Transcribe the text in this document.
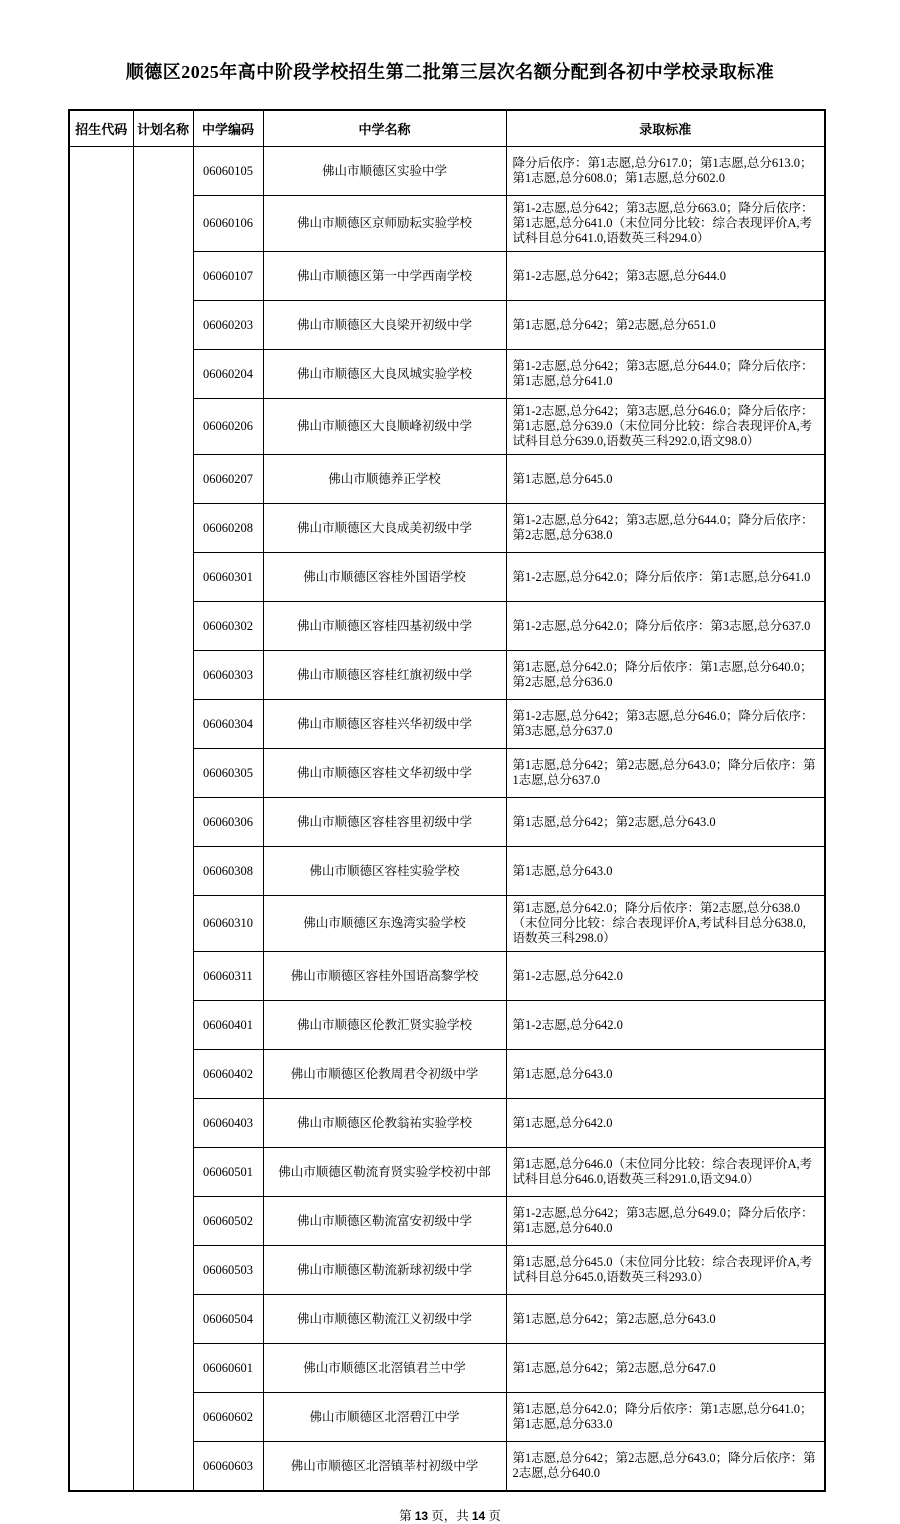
顺德区2025年高中阶段学校招生第二批第三层次名额分配到各初中学校录取标准
招生代码	计划名称	中学编码	中学名称	录取标准
		06060105	佛山市顺德区实验中学	降分后依序：第1志愿,总分617.0；第1志愿,总分613.0；第1志愿,总分608.0；第1志愿,总分602.0
		06060106	佛山市顺德区京师励耘实验学校	第1-2志愿,总分642；第3志愿,总分663.0；降分后依序：第1志愿,总分641.0（末位同分比较：综合表现评价A,考试科目总分641.0,语数英三科294.0）
		06060107	佛山市顺德区第一中学西南学校	第1-2志愿,总分642；第3志愿,总分644.0
		06060203	佛山市顺德区大良梁开初级中学	第1志愿,总分642；第2志愿,总分651.0
		06060204	佛山市顺德区大良凤城实验学校	第1-2志愿,总分642；第3志愿,总分644.0；降分后依序：第1志愿,总分641.0
		06060206	佛山市顺德区大良顺峰初级中学	第1-2志愿,总分642；第3志愿,总分646.0；降分后依序：第1志愿,总分639.0（末位同分比较：综合表现评价A,考试科目总分639.0,语数英三科292.0,语文98.0）
		06060207	佛山市顺德养正学校	第1志愿,总分645.0
		06060208	佛山市顺德区大良成美初级中学	第1-2志愿,总分642；第3志愿,总分644.0；降分后依序：第2志愿,总分638.0
		06060301	佛山市顺德区容桂外国语学校	第1-2志愿,总分642.0；降分后依序：第1志愿,总分641.0
		06060302	佛山市顺德区容桂四基初级中学	第1-2志愿,总分642.0；降分后依序：第3志愿,总分637.0
		06060303	佛山市顺德区容桂红旗初级中学	第1志愿,总分642.0；降分后依序：第1志愿,总分640.0；第2志愿,总分636.0
		06060304	佛山市顺德区容桂兴华初级中学	第1-2志愿,总分642；第3志愿,总分646.0；降分后依序：第3志愿,总分637.0
		06060305	佛山市顺德区容桂文华初级中学	第1志愿,总分642；第2志愿,总分643.0；降分后依序：第1志愿,总分637.0
		06060306	佛山市顺德区容桂容里初级中学	第1志愿,总分642；第2志愿,总分643.0
		06060308	佛山市顺德区容桂实验学校	第1志愿,总分643.0
		06060310	佛山市顺德区东逸湾实验学校	第1志愿,总分642.0；降分后依序：第2志愿,总分638.0（末位同分比较：综合表现评价A,考试科目总分638.0,语数英三科298.0）
		06060311	佛山市顺德区容桂外国语高黎学校	第1-2志愿,总分642.0
		06060401	佛山市顺德区伦教汇贤实验学校	第1-2志愿,总分642.0
		06060402	佛山市顺德区伦教周君令初级中学	第1志愿,总分643.0
		06060403	佛山市顺德区伦教翁祐实验学校	第1志愿,总分642.0
		06060501	佛山市顺德区勒流育贤实验学校初中部	第1志愿,总分646.0（末位同分比较：综合表现评价A,考试科目总分646.0,语数英三科291.0,语文94.0）
		06060502	佛山市顺德区勒流富安初级中学	第1-2志愿,总分642；第3志愿,总分649.0；降分后依序：第1志愿,总分640.0
		06060503	佛山市顺德区勒流新球初级中学	第1志愿,总分645.0（末位同分比较：综合表现评价A,考试科目总分645.0,语数英三科293.0）
		06060504	佛山市顺德区勒流江义初级中学	第1志愿,总分642；第2志愿,总分643.0
		06060601	佛山市顺德区北滘镇君兰中学	第1志愿,总分642；第2志愿,总分647.0
		06060602	佛山市顺德区北滘碧江中学	第1志愿,总分642.0；降分后依序：第1志愿,总分641.0；第1志愿,总分633.0
		06060603	佛山市顺德区北滘镇莘村初级中学	第1志愿,总分642；第2志愿,总分643.0；降分后依序：第2志愿,总分640.0
第 13 页，共 14 页
